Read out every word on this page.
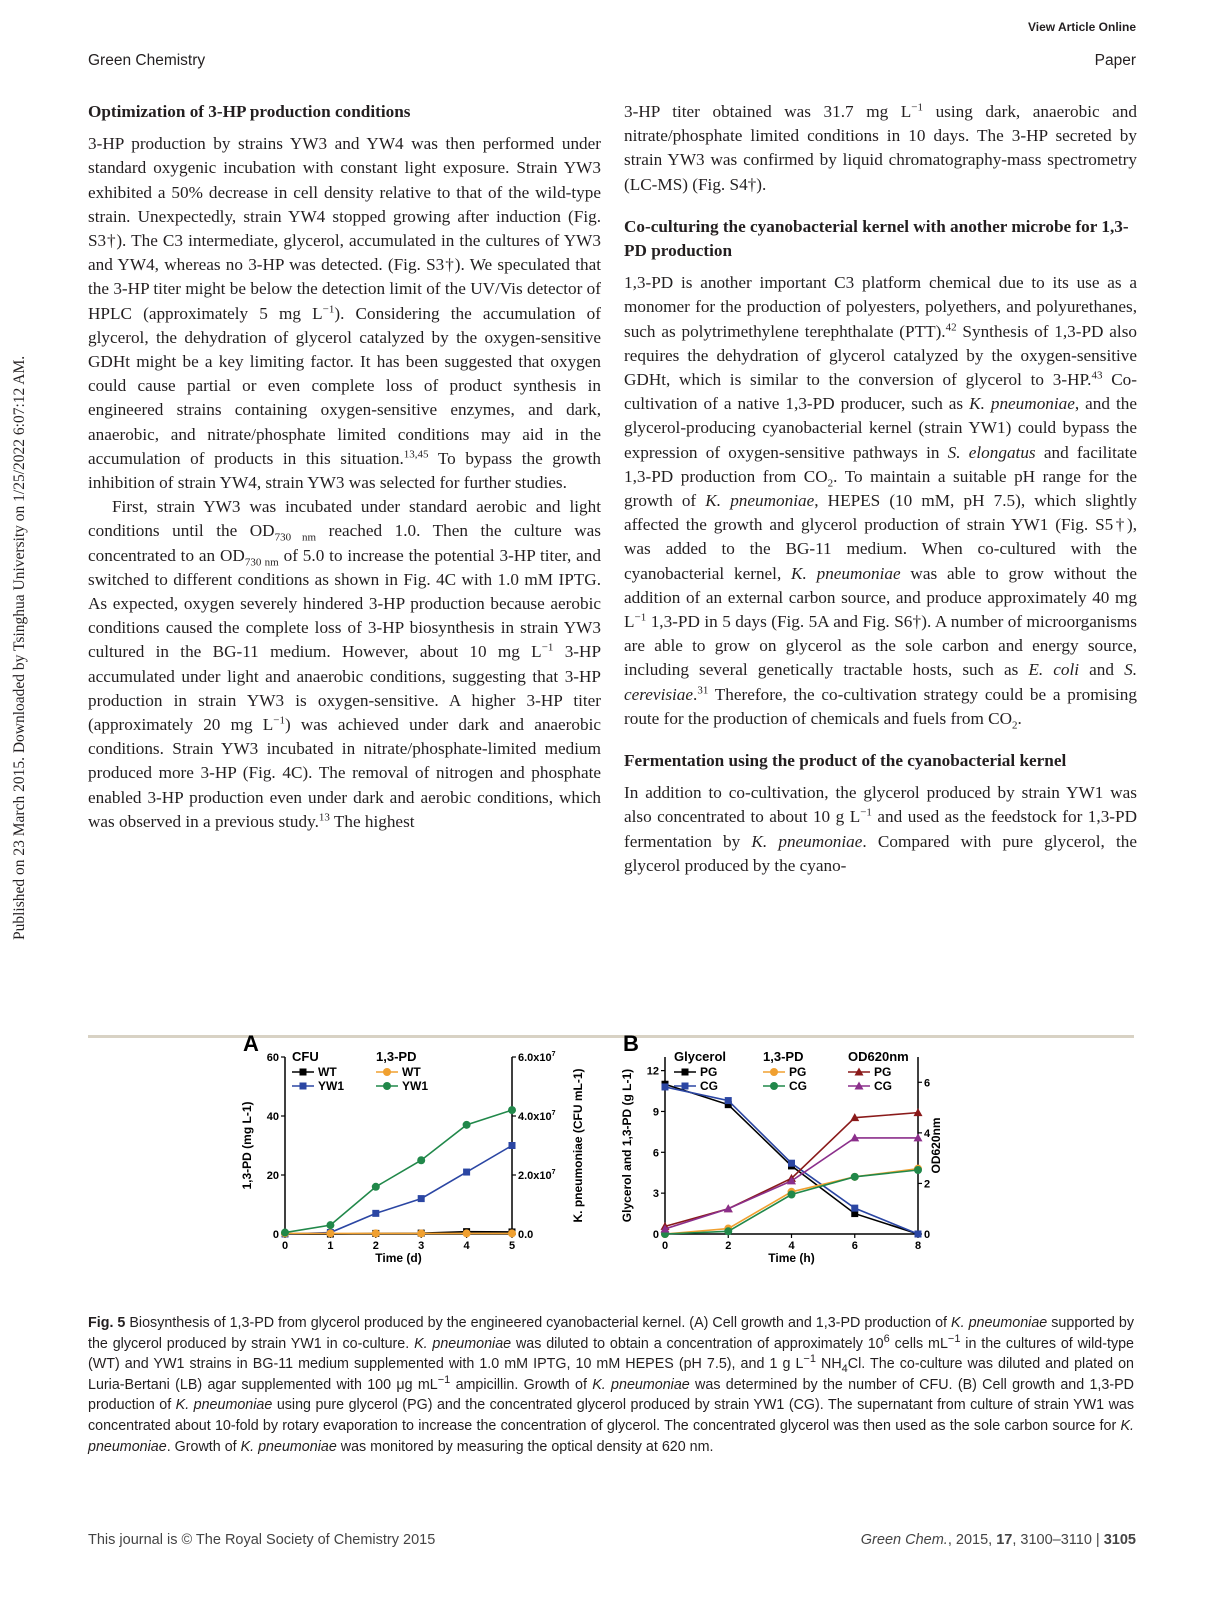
View Article Online
Green Chemistry	Paper
Published on 23 March 2015. Downloaded by Tsinghua University on 1/25/2022 6:07:12 AM.
Optimization of 3-HP production conditions

3-HP production by strains YW3 and YW4 was then performed under standard oxygenic incubation with constant light exposure. Strain YW3 exhibited a 50% decrease in cell density relative to that of the wild-type strain. Unexpectedly, strain YW4 stopped growing after induction (Fig. S3†). The C3 intermediate, glycerol, accumulated in the cultures of YW3 and YW4, whereas no 3-HP was detected. (Fig. S3†). We speculated that the 3-HP titer might be below the detection limit of the UV/Vis detector of HPLC (approximately 5 mg $L^{-1}$). Considering the accumulation of glycerol, the dehydration of glycerol catalyzed by the oxygen-sensitive GDHt might be a key limiting factor. It has been suggested that oxygen could cause partial or even complete loss of product synthesis in engineered strains containing oxygen-sensitive enzymes, and dark, anaerobic, and nitrate/phosphate limited conditions may aid in the accumulation of products in this situation.$^{13,45}$ To bypass the growth inhibition of strain YW4, strain YW3 was selected for further studies.

First, strain YW3 was incubated under standard aerobic and light conditions until the $OD_{730 nm}$ reached 1.0. Then the culture was concentrated to an $OD_{730 nm}$ of 5.0 to increase the potential 3-HP titer, and switched to different conditions as shown in Fig. 4C with 1.0 mM IPTG. As expected, oxygen severely hindered 3-HP production because aerobic conditions caused the complete loss of 3-HP biosynthesis in strain YW3 cultured in the BG-11 medium. However, about 10 mg $L^{-1}$ 3-HP accumulated under light and anaerobic conditions, suggesting that 3-HP production in strain YW3 is oxygen-sensitive. A higher 3-HP titer (approximately 20 mg $L^{-1}$) was achieved under dark and anaerobic conditions. Strain YW3 incubated in nitrate/phosphate-limited medium produced more 3-HP (Fig. 4C). The removal of nitrogen and phosphate enabled 3-HP production even under dark and aerobic conditions, which was observed in a previous study.$^{13}$ The highest

3-HP titer obtained was 31.7 mg $L^{-1}$ using dark, anaerobic and nitrate/phosphate limited conditions in 10 days. The 3-HP secreted by strain YW3 was confirmed by liquid chromatography-mass spectrometry (LC-MS) (Fig. S4†).

Co-culturing the cyanobacterial kernel with another microbe for 1,3-PD production

1,3-PD is another important C3 platform chemical due to its use as a monomer for the production of polyesters, polyethers, and polyurethanes, such as polytrimethylene terephthalate (PTT).$^{42}$ Synthesis of 1,3-PD also requires the dehydration of glycerol catalyzed by the oxygen-sensitive GDHt, which is similar to the conversion of glycerol to 3-HP.$^{43}$ Co-cultivation of a native 1,3-PD producer, such as K. pneumoniae, and the glycerol-producing cyanobacterial kernel (strain YW1) could bypass the expression of oxygen-sensitive pathways in S. elongatus and facilitate 1,3-PD production from $CO_2$. To maintain a suitable pH range for the growth of K. pneumoniae, HEPES (10 mM, pH 7.5), which slightly affected the growth and glycerol production of strain YW1 (Fig. S5†), was added to the BG-11 medium. When co-cultured with the cyanobacterial kernel, K. pneumoniae was able to grow without the addition of an external carbon source, and produce approximately 40 mg $L^{-1}$ 1,3-PD in 5 days (Fig. 5A and Fig. S6†). A number of microorganisms are able to grow on glycerol as the sole carbon and energy source, including several genetically tractable hosts, such as E. coli and S. cerevisiae.$^{31}$ Therefore, the co-cultivation strategy could be a promising route for the production of chemicals and fuels from $CO_2$.

Fermentation using the product of the cyanobacterial kernel

In addition to co-cultivation, the glycerol produced by strain YW1 was also concentrated to about 10 g $L^{-1}$ and used as the feedstock for 1,3-PD fermentation by K. pneumoniae. Compared with pure glycerol, the glycerol produced by the cyano-

A
0	1	2	3	4	5
0
20
40
60
0.0
$2.0x10^7$
$4.0x10^7$
$6.0x10^7$
Time (d)
1,3-PD (mg L-1)	K. pneumoniae (CFU mL-1)
CFU
WT
YW1
1,3-PD
WT
YW1
B
0	2	4	6	8
0
3
6
9
12
0
2
4
6
Time (h)
Glycerol and 1,3-PD (g L-1)	OD620nm
Glycerol
PG
CG
1,3-PD
PG
CG
OD620nm
PG
CG
Fig. 5 Biosynthesis of 1,3-PD from glycerol produced by the engineered cyanobacterial kernel. (A) Cell growth and 1,3-PD production of K. pneumoniae supported by the glycerol produced by strain YW1 in co-culture. K. pneumoniae was diluted to obtain a concentration of approximately $10^6$ cells $mL^{-1}$ in the cultures of wild-type (WT) and YW1 strains in BG-11 medium supplemented with 1.0 mM IPTG, 10 mM HEPES (pH 7.5), and 1 g $L^{-1}$ $NH_4Cl$. The co-culture was diluted and plated on Luria-Bertani (LB) agar supplemented with 100 μg $mL^{-1}$ ampicillin. Growth of K. pneumoniae was determined by the number of CFU. (B) Cell growth and 1,3-PD production of K. pneumoniae using pure glycerol (PG) and the concentrated glycerol produced by strain YW1 (CG). The supernatant from culture of strain YW1 was concentrated about 10-fold by rotary evaporation to increase the concentration of glycerol. The concentrated glycerol was then used as the sole carbon source for K. pneumoniae. Growth of K. pneumoniae was monitored by measuring the optical density at 620 nm.
This journal is © The Royal Society of Chemistry 2015	Green Chem., 2015, 17, 3100–3110 | 3105
